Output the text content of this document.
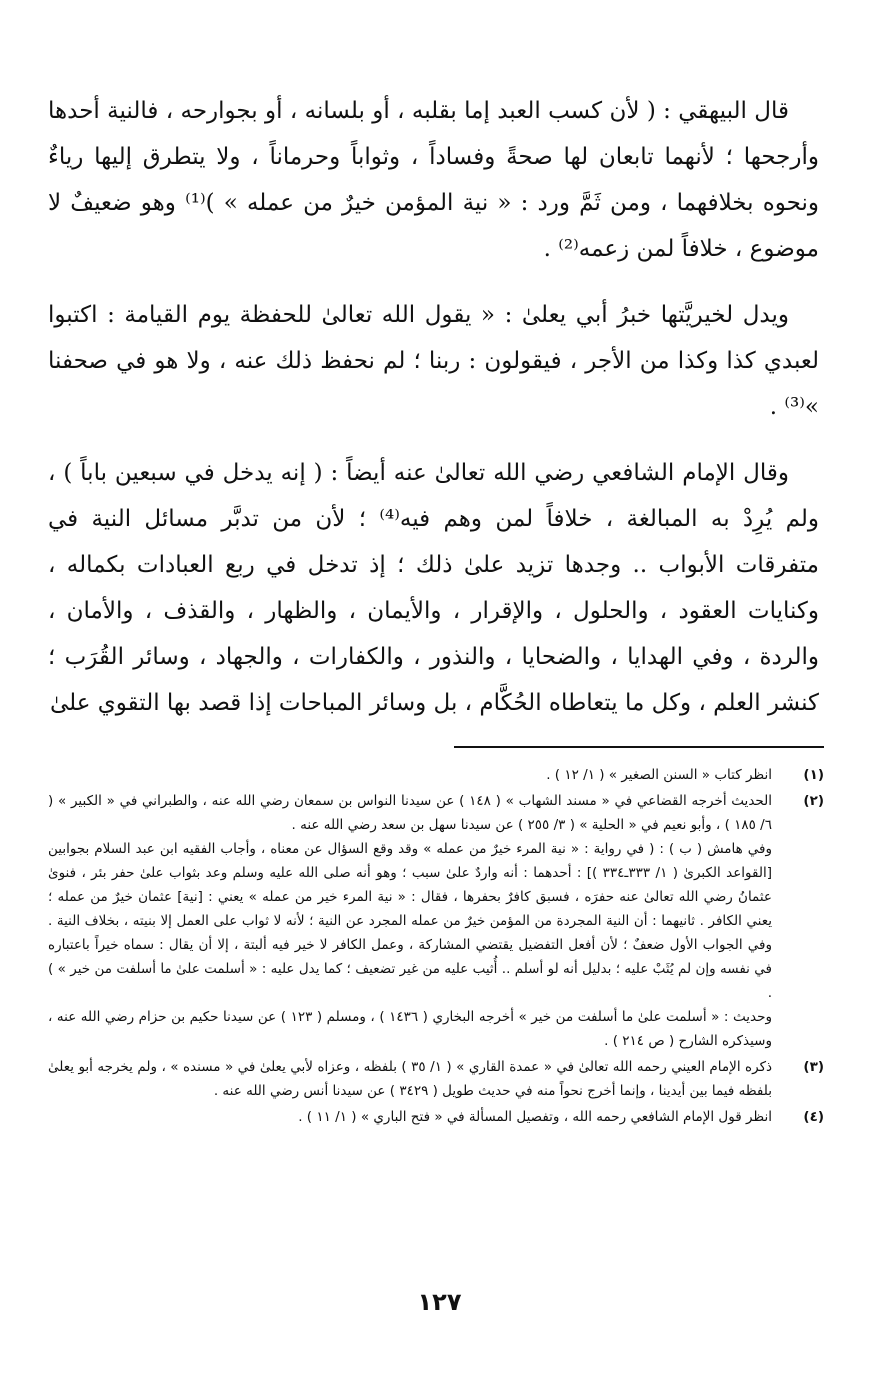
قال البيهقي : ( لأن كسب العبد إما بقلبه ، أو بلسانه ، أو بجوارحه ، فالنية أحدها وأرجحها ؛ لأنهما تابعان لها صحةً وفساداً ، وثواباً وحرماناً ، ولا يتطرق إليها رياءٌ ونحوه بخلافهما ، ومن ثَمَّ ورد : « نية المؤمن خيرٌ من عمله » )⁽¹⁾ وهو ضعيفٌ لا موضوع ، خلافاً لمن زعمه⁽²⁾ .

ويدل لخيريَّتها خبرُ أبي يعلىٰ : « يقول الله تعالىٰ للحفظة يوم القيامة : اكتبوا لعبدي كذا وكذا من الأجر ، فيقولون : ربنا ؛ لم نحفظ ذلك عنه ، ولا هو في صحفنا »⁽³⁾ .

وقال الإمام الشافعي رضي الله تعالىٰ عنه أيضاً : ( إنه يدخل في سبعين باباً ) ، ولم يُرِدْ به المبالغة ، خلافاً لمن وهم فيه⁽⁴⁾ ؛ لأن من تدبَّر مسائل النية في متفرقات الأبواب .. وجدها تزيد علىٰ ذلك ؛ إذ تدخل في ربع العبادات بكماله ، وكنايات العقود ، والحلول ، والإقرار ، والأيمان ، والظهار ، والقذف ، والأمان ، والردة ، وفي الهدايا ، والضحايا ، والنذور ، والكفارات ، والجهاد ، وسائر القُرَب ؛ كنشر العلم ، وكل ما يتعاطاه الحُكَّام ، بل وسائر المباحات إذا قصد بها التقوي علىٰ

(١)

انظر كتاب « السنن الصغير » ( ١/ ١٢ ) .

(٢)

الحديث أخرجه القضاعي في « مسند الشهاب » ( ١٤٨ ) عن سيدنا النواس بن سمعان رضي الله عنه ، والطبراني في « الكبير » ( ٦/ ١٨٥ ) ، وأبو نعيم في « الحلية » ( ٣/ ٢٥٥ ) عن سيدنا سهل بن سعد رضي الله عنه .

وفي هامش ( ب ) : ( في رواية : « نية المرء خيرٌ من عمله » وقد وقع السؤال عن معناه ، وأجاب الفقيه ابن عبد السلام بجوابين [القواعد الكبرىٰ ( ١/ ٣٣٣ـ٣٣٤ )] : أحدهما : أنه واردٌ علىٰ سبب ؛ وهو أنه صلى الله عليه وسلم وعد بثواب علىٰ حفر بئر ، فنوىٰ عثمانُ رضي الله تعالىٰ عنه حفرَه ، فسبق كافرٌ بحفرها ، فقال : « نية المرء خير من عمله » يعني : [نية] عثمان خيرٌ من عمله ؛ يعني الكافر . ثانيهما : أن النية المجردة من المؤمن خيرٌ من عمله المجرد عن النية ؛ لأنه لا ثواب على العمل إلا بنيته ، بخلاف النية . وفي الجواب الأول ضعفٌ ؛ لأن أفعل التفضيل يقتضي المشاركة ، وعمل الكافر لا خير فيه ألبتة ، إلا أن يقال : سماه خيراً باعتباره في نفسه وإن لم يُثَبْ عليه ؛ بدليل أنه لو أسلم .. أُثيب عليه من غير تضعيف ؛ كما يدل عليه : « أسلمت علىٰ ما أسلفت من خير » ) .

وحديث : « أسلمت علىٰ ما أسلفت من خير » أخرجه البخاري ( ١٤٣٦ ) ، ومسلم ( ١٢٣ ) عن سيدنا حكيم بن حزام رضي الله عنه ، وسيذكره الشارح ( ص ٢١٤ ) .

(٣)

ذكره الإمام العيني رحمه الله تعالىٰ في « عمدة القاري » ( ١/ ٣٥ ) بلفظه ، وعزاه لأبي يعلىٰ في « مسنده » ، ولم يخرجه أبو يعلىٰ بلفظه فيما بين أيدينا ، وإنما أخرج نحواً منه في حديث طويل ( ٣٤٢٩ ) عن سيدنا أنس رضي الله عنه .

(٤)

انظر قول الإمام الشافعي رحمه الله ، وتفصيل المسألة في « فتح الباري » ( ١/ ١١ ) .

١٢٧
